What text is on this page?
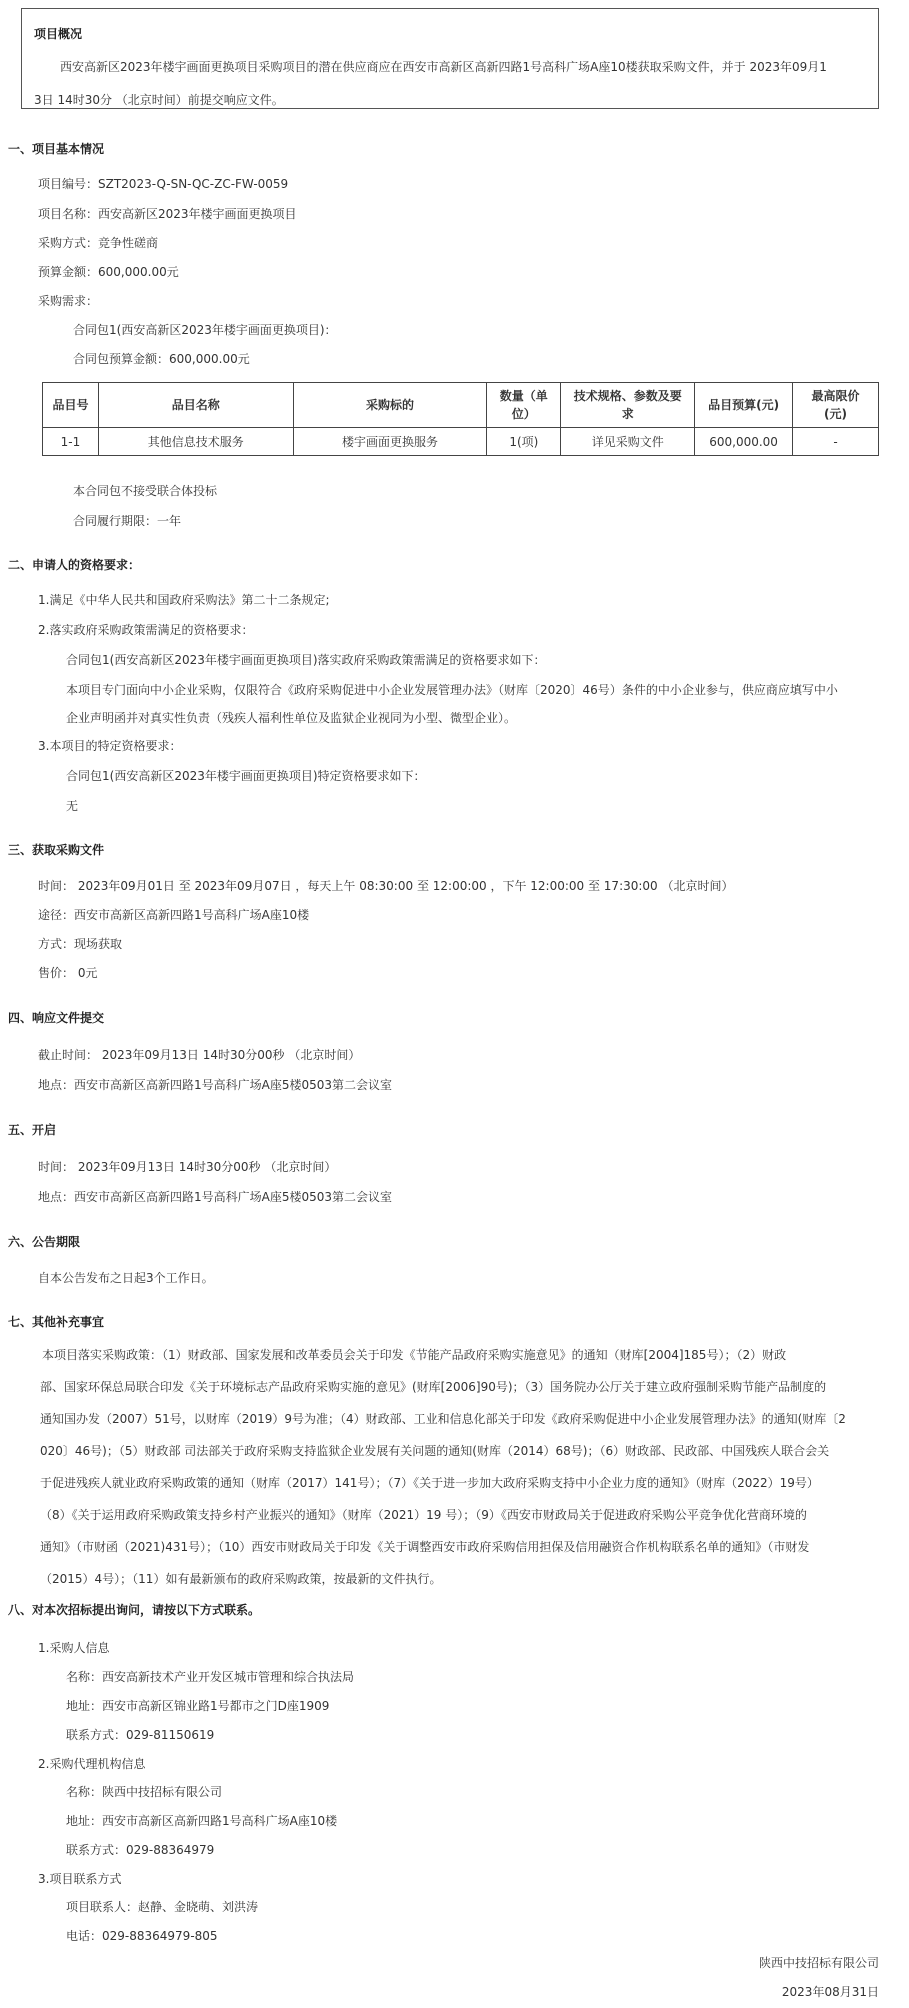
项目概况
西安高新区2023年楼宇画面更换项目采购项目的潜在供应商应在西安市高新区高新四路1号高科广场A座10楼获取采购文件，并于 2023年09月1
3日 14时30分 （北京时间）前提交响应文件。
一、项目基本情况
项目编号：SZT2023-Q-SN-QC-ZC-FW-0059
项目名称：西安高新区2023年楼宇画面更换项目
采购方式：竞争性磋商
预算金额：600,000.00元
采购需求：
合同包1(西安高新区2023年楼宇画面更换项目)：
合同包预算金额：600,000.00元
品目号	品目名称	采购标的	数量（单
位）	技术规格、参数及要
求	品目预算(元)	最高限价
(元)
1-1	其他信息技术服务	楼宇画面更换服务	1(项)	详见采购文件	600,000.00	-
本合同包不接受联合体投标
合同履行期限：一年
二、申请人的资格要求：
1.满足《中华人民共和国政府采购法》第二十二条规定;
2.落实政府采购政策需满足的资格要求：
合同包1(西安高新区2023年楼宇画面更换项目)落实政府采购政策需满足的资格要求如下：
本项目专门面向中小企业采购，仅限符合《政府采购促进中小企业发展管理办法》（财库〔2020〕46号）条件的中小企业参与，供应商应填写中小
企业声明函并对真实性负责（残疾人福利性单位及监狱企业视同为小型、微型企业）。
3.本项目的特定资格要求：
合同包1(西安高新区2023年楼宇画面更换项目)特定资格要求如下：
无
三、获取采购文件
时间： 2023年09月01日 至 2023年09月07日 ，每天上午 08:30:00 至 12:00:00 ，下午 12:00:00 至 17:30:00 （北京时间）
途径：西安市高新区高新四路1号高科广场A座10楼
方式：现场获取
售价： 0元
四、响应文件提交
截止时间： 2023年09月13日 14时30分00秒 （北京时间）
地点：西安市高新区高新四路1号高科广场A座5楼0503第二会议室
五、开启
时间： 2023年09月13日 14时30分00秒 （北京时间）
地点：西安市高新区高新四路1号高科广场A座5楼0503第二会议室
六、公告期限
自本公告发布之日起3个工作日。
七、其他补充事宜
本项目落实采购政策：（1）财政部、国家发展和改革委员会关于印发《节能产品政府采购实施意见》的通知（财库[2004]185号）；（2）财政
部、国家环保总局联合印发《关于环境标志产品政府采购实施的意见》(财库[2006]90号)；（3）国务院办公厅关于建立政府强制采购节能产品制度的
通知国办发（2007）51号，以财库（2019）9号为准；（4）财政部、工业和信息化部关于印发《政府采购促进中小企业发展管理办法》的通知(财库〔2
020〕46号)；（5）财政部 司法部关于政府采购支持监狱企业发展有关问题的通知(财库（2014）68号)；（6）财政部、民政部、中国残疾人联合会关
于促进残疾人就业政府采购政策的通知（财库（2017）141号）；（7）《关于进一步加大政府采购支持中小企业力度的通知》（财库（2022）19号）
（8）《关于运用政府采购政策支持乡村产业振兴的通知》（财库（2021）19 号）；（9）《西安市财政局关于促进政府采购公平竞争优化营商环境的
通知》（市财函（2021)431号）；（10）西安市财政局关于印发《关于调整西安市政府采购信用担保及信用融资合作机构联系名单的通知》（市财发
（2015）4号）；（11）如有最新颁布的政府采购政策，按最新的文件执行。
八、对本次招标提出询问，请按以下方式联系。
1.采购人信息
名称：西安高新技术产业开发区城市管理和综合执法局
地址：西安市高新区锦业路1号都市之门D座1909
联系方式：029-81150619
2.采购代理机构信息
名称：陕西中技招标有限公司
地址：西安市高新区高新四路1号高科广场A座10楼
联系方式：029-88364979
3.项目联系方式
项目联系人：赵静、金晓萌、刘洪涛
电话：029-88364979-805
陕西中技招标有限公司
2023年08月31日
